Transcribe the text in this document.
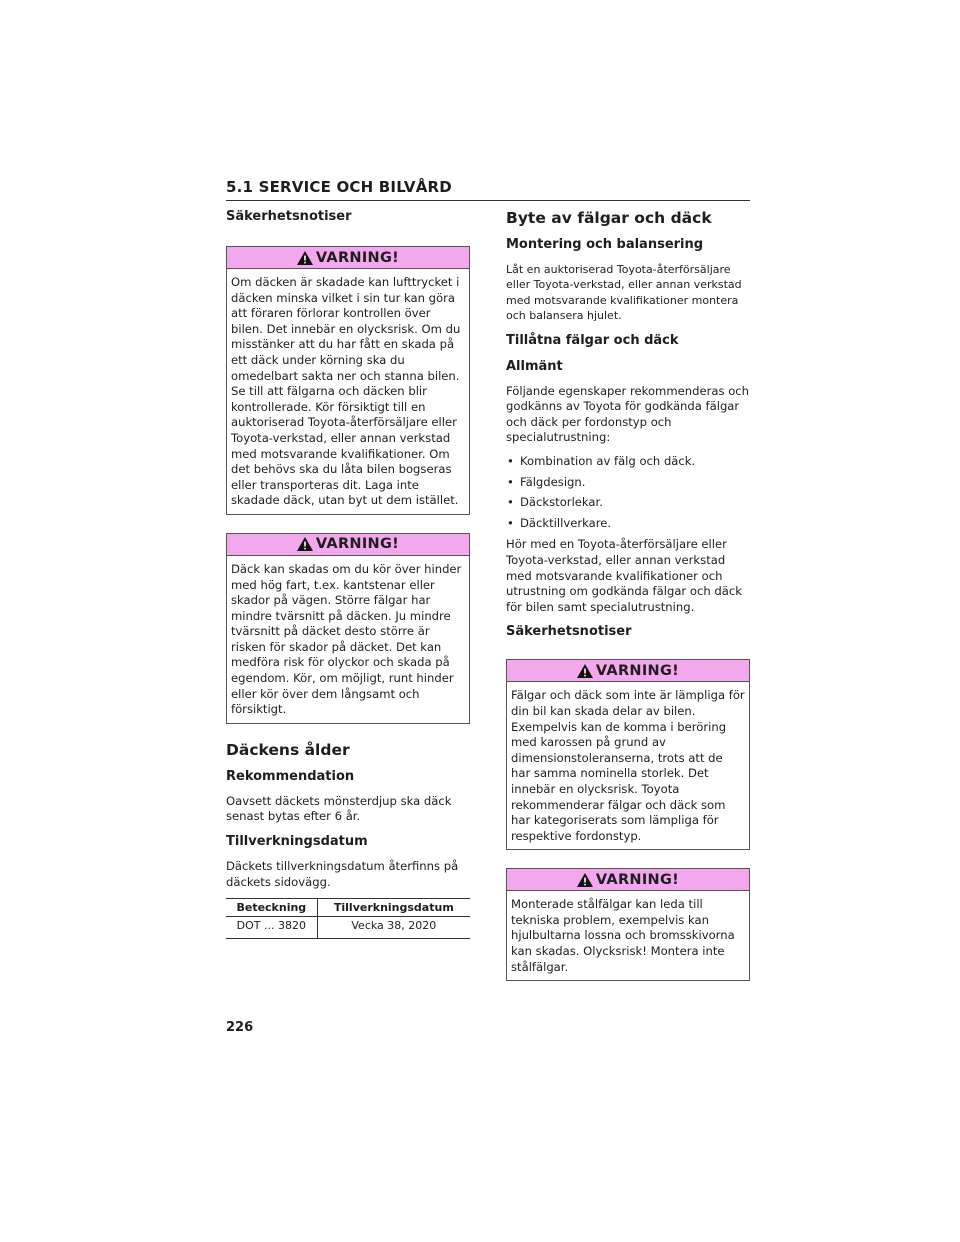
5.1 SERVICE OCH BILVÅRD
Säkerhetsnotiser
VARNING!
Om däcken är skadade kan lufttrycket i däcken minska vilket i sin tur kan göra att föraren förlorar kontrollen över bilen. Det innebär en olycksrisk. Om du misstänker att du har fått en skada på ett däck under körning ska du omedelbart sakta ner och stanna bilen. Se till att fälgarna och däcken blir kontrollerade. Kör försiktigt till en auktoriserad Toyota-återförsäljare eller Toyota-verkstad, eller annan verkstad med motsvarande kvalifikationer. Om det behövs ska du låta bilen bogseras eller transporteras dit. Laga inte skadade däck, utan byt ut dem istället.
VARNING!
Däck kan skadas om du kör över hinder med hög fart, t.ex. kantstenar eller skador på vägen. Större fälgar har mindre tvärsnitt på däcken. Ju mindre tvärsnitt på däcket desto större är risken för skador på däcket. Det kan medföra risk för olyckor och skada på egendom. Kör, om möjligt, runt hinder eller kör över dem långsamt och försiktigt.
Däckens ålder
Rekommendation
Oavsett däckets mönsterdjup ska däck senast bytas efter 6 år.
Tillverkningsdatum
Däckets tillverkningsdatum återfinns på däckets sidovägg.
Beteckning	Tillverkningsdatum
DOT ... 3820	Vecka 38, 2020
Byte av fälgar och däck
Montering och balansering
Låt en auktoriserad Toyota-återförsäljare eller Toyota-verkstad, eller annan verkstad med motsvarande kvalifikationer montera och balansera hjulet.
Tillåtna fälgar och däck
Allmänt
Följande egenskaper rekommenderas och godkänns av Toyota för godkända fälgar och däck per fordonstyp och specialutrustning:
• Kombination av fälg och däck.
• Fälgdesign.
• Däckstorlekar.
• Däcktillverkare.
Hör med en Toyota-återförsäljare eller Toyota-verkstad, eller annan verkstad med motsvarande kvalifikationer och utrustning om godkända fälgar och däck för bilen samt specialutrustning.
Säkerhetsnotiser
VARNING!
Fälgar och däck som inte är lämpliga för din bil kan skada delar av bilen. Exempelvis kan de komma i beröring med karossen på grund av dimensionstoleranserna, trots att de har samma nominella storlek. Det innebär en olycksrisk. Toyota rekommenderar fälgar och däck som har kategoriserats som lämpliga för respektive fordonstyp.
VARNING!
Monterade stålfälgar kan leda till tekniska problem, exempelvis kan hjulbultarna lossna och bromsskivorna kan skadas. Olycksrisk! Montera inte stålfälgar.
226
